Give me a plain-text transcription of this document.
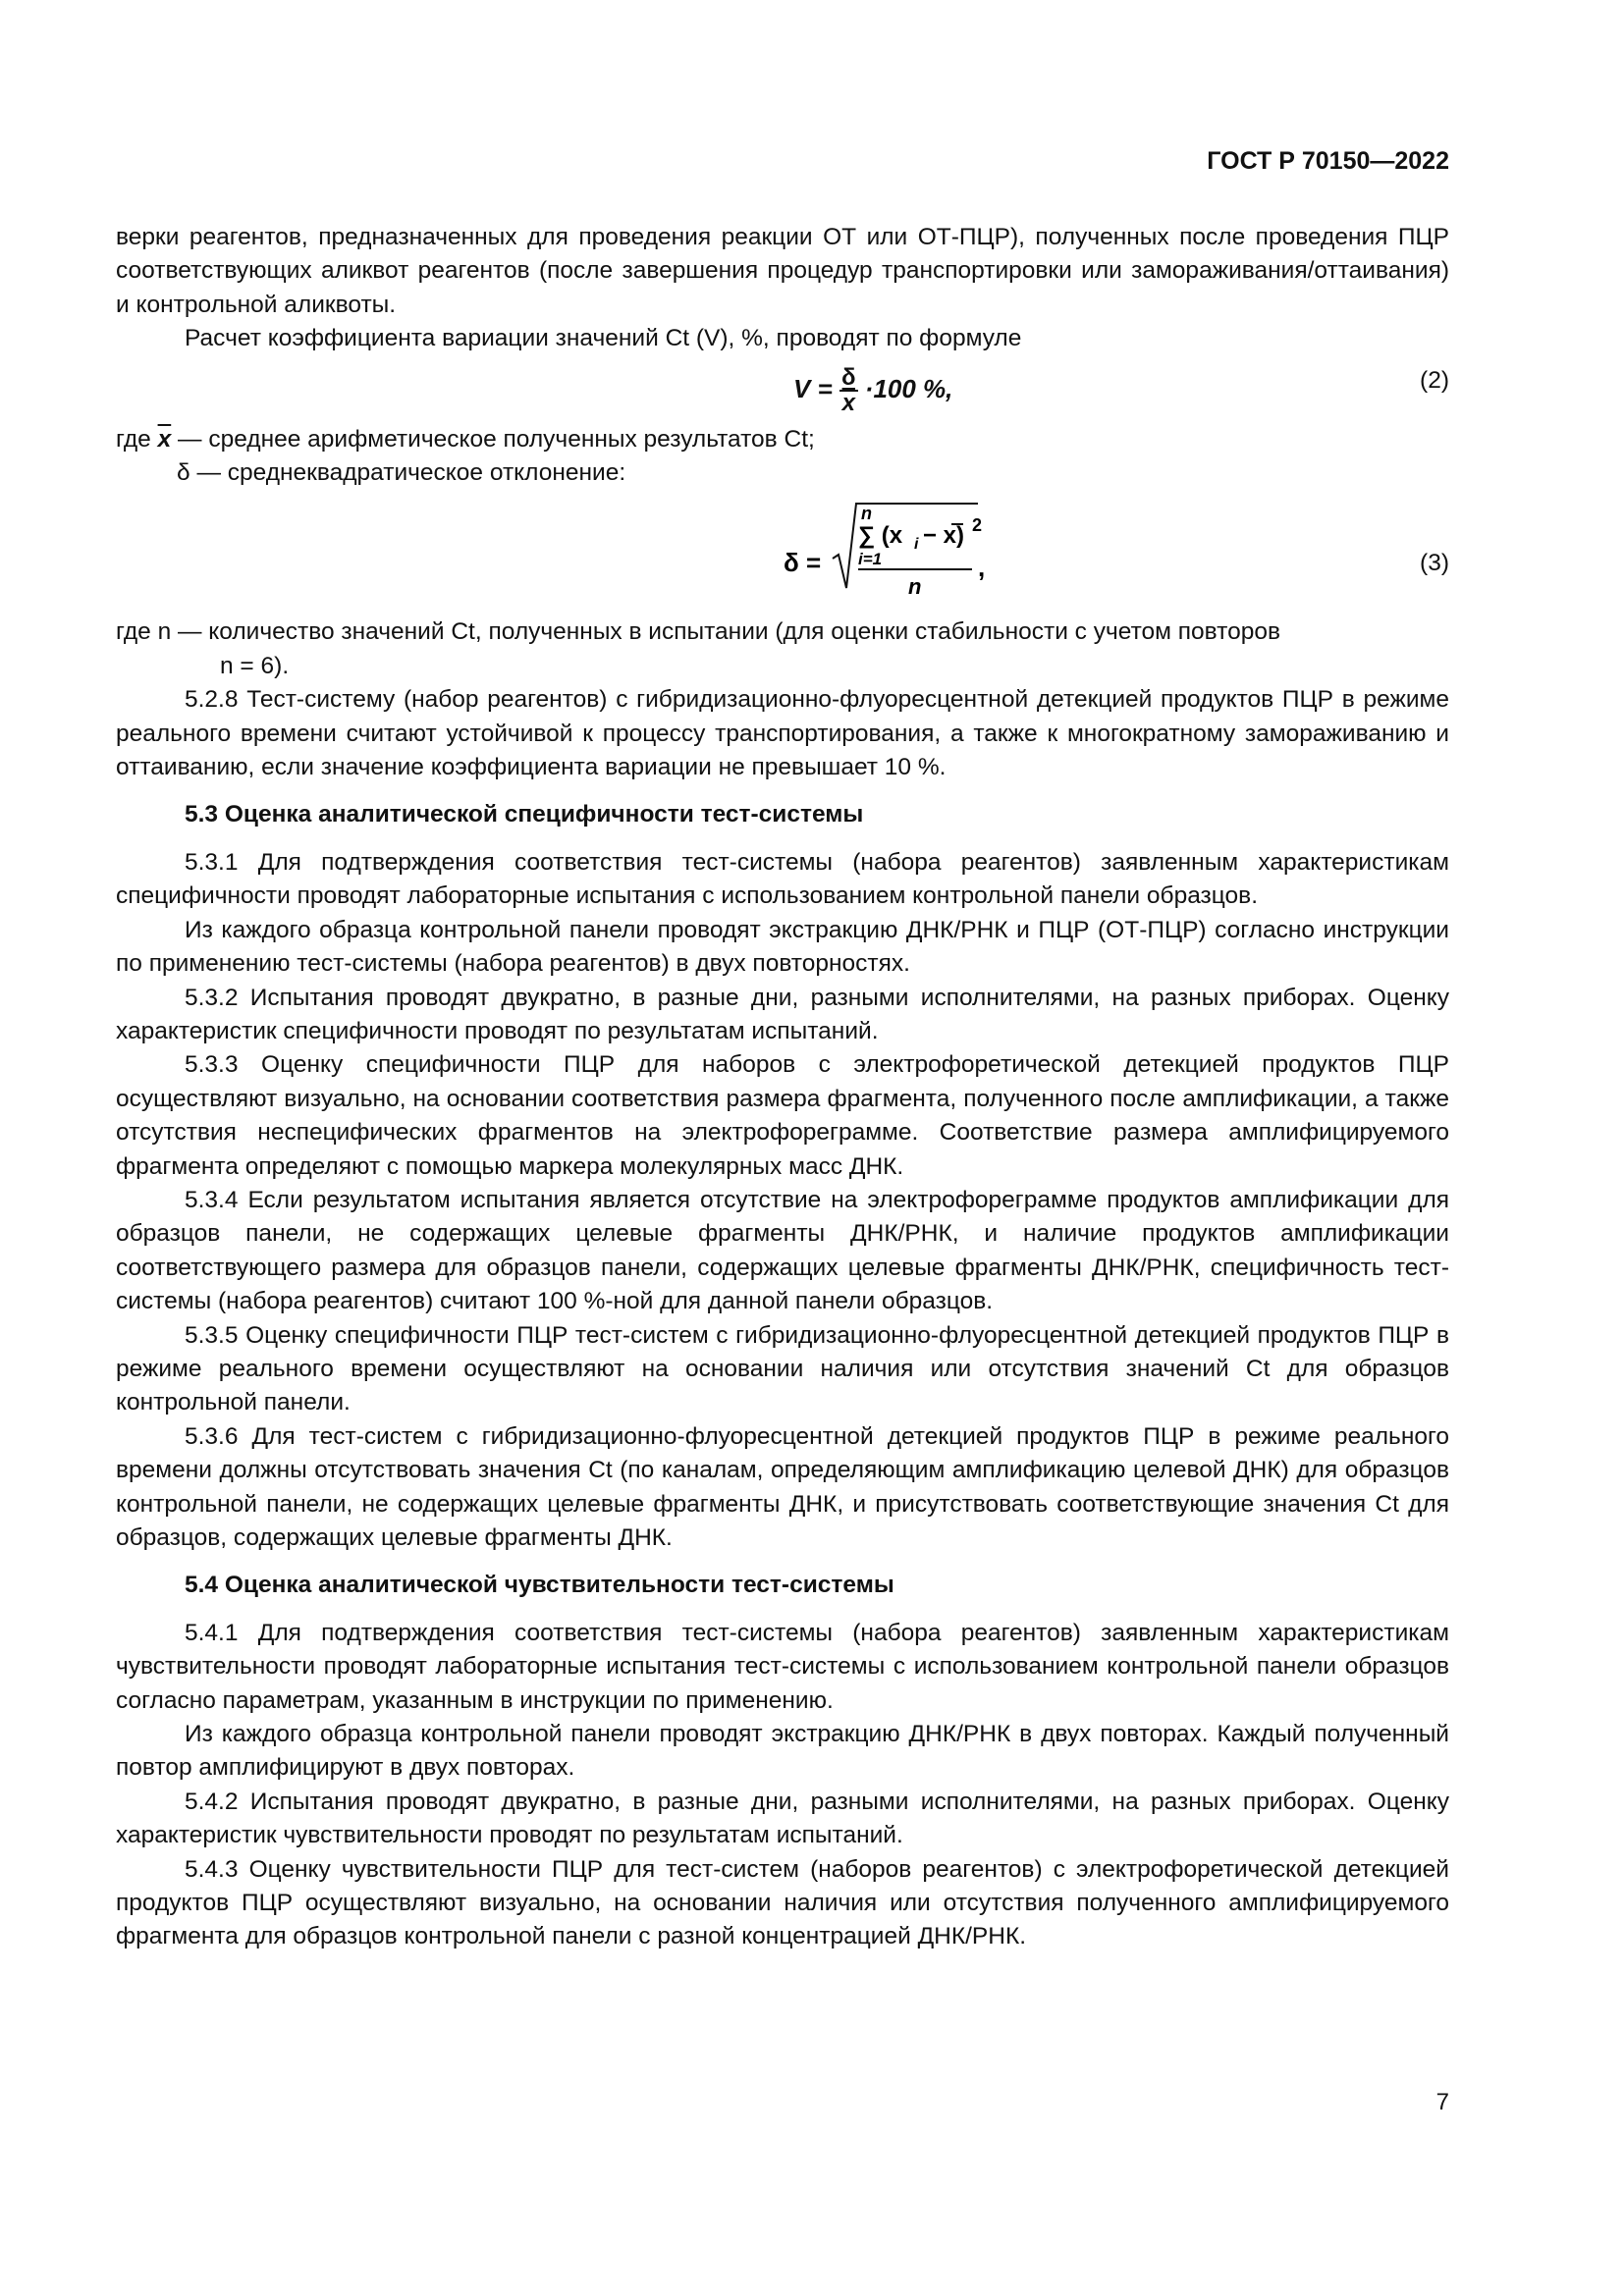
ГОСТ Р 70150—2022

верки реагентов, предназначенных для проведения реакции ОТ или ОТ-ПЦР), полученных после проведения ПЦР соответствующих аликвот реагентов (после завершения процедур транспортировки или замораживания/оттаивания) и контрольной аликвоты.

Расчет коэффициента вариации значений Ct (V), %, проводят по формуле

$V = \frac{\delta}{x} \cdot 100$ %,	(2)

где $\overline{x}$ — среднее арифметическое полученных результатов Ct;

δ — среднеквадратическое отклонение:

δ =
n
∑ (x i − x) 2
i=1
n
,	(3)

где n — количество значений Ct, полученных в испытании (для оценки стабильности с учетом повторов

n = 6).

5.2.8 Тест-систему (набор реагентов) с гибридизационно-флуоресцентной детекцией продуктов ПЦР в режиме реального времени считают устойчивой к процессу транспортирования, а также к многократному замораживанию и оттаиванию, если значение коэффициента вариации не превышает 10 %.

5.3 Оценка аналитической специфичности тест-системы

5.3.1 Для подтверждения соответствия тест-системы (набора реагентов) заявленным характеристикам специфичности проводят лабораторные испытания с использованием контрольной панели образцов.

Из каждого образца контрольной панели проводят экстракцию ДНК/РНК и ПЦР (ОТ-ПЦР) согласно инструкции по применению тест-системы (набора реагентов) в двух повторностях.

5.3.2 Испытания проводят двукратно, в разные дни, разными исполнителями, на разных приборах. Оценку характеристик специфичности проводят по результатам испытаний.

5.3.3 Оценку специфичности ПЦР для наборов с электрофоретической детекцией продуктов ПЦР осуществляют визуально, на основании соответствия размера фрагмента, полученного после амплификации, а также отсутствия неспецифических фрагментов на электрофореграмме. Соответствие размера амплифицируемого фрагмента определяют с помощью маркера молекулярных масс ДНК.

5.3.4 Если результатом испытания является отсутствие на электрофореграмме продуктов амплификации для образцов панели, не содержащих целевые фрагменты ДНК/РНК, и наличие продуктов амплификации соответствующего размера для образцов панели, содержащих целевые фрагменты ДНК/РНК, специфичность тест-системы (набора реагентов) считают 100 %-ной для данной панели образцов.

5.3.5 Оценку специфичности ПЦР тест-систем с гибридизационно-флуоресцентной детекцией продуктов ПЦР в режиме реального времени осуществляют на основании наличия или отсутствия значений Ct для образцов контрольной панели.

5.3.6 Для тест-систем с гибридизационно-флуоресцентной детекцией продуктов ПЦР в режиме реального времени должны отсутствовать значения Ct (по каналам, определяющим амплификацию целевой ДНК) для образцов контрольной панели, не содержащих целевые фрагменты ДНК, и присутствовать соответствующие значения Ct для образцов, содержащих целевые фрагменты ДНК.

5.4 Оценка аналитической чувствительности тест-системы

5.4.1 Для подтверждения соответствия тест-системы (набора реагентов) заявленным характеристикам чувствительности проводят лабораторные испытания тест-системы с использованием контрольной панели образцов согласно параметрам, указанным в инструкции по применению.

Из каждого образца контрольной панели проводят экстракцию ДНК/РНК в двух повторах. Каждый полученный повтор амплифицируют в двух повторах.

5.4.2 Испытания проводят двукратно, в разные дни, разными исполнителями, на разных приборах. Оценку характеристик чувствительности проводят по результатам испытаний.

5.4.3 Оценку чувствительности ПЦР для тест-систем (наборов реагентов) с электрофоретической детекцией продуктов ПЦР осуществляют визуально, на основании наличия или отсутствия полученного амплифицируемого фрагмента для образцов контрольной панели с разной концентрацией ДНК/РНК.

7
